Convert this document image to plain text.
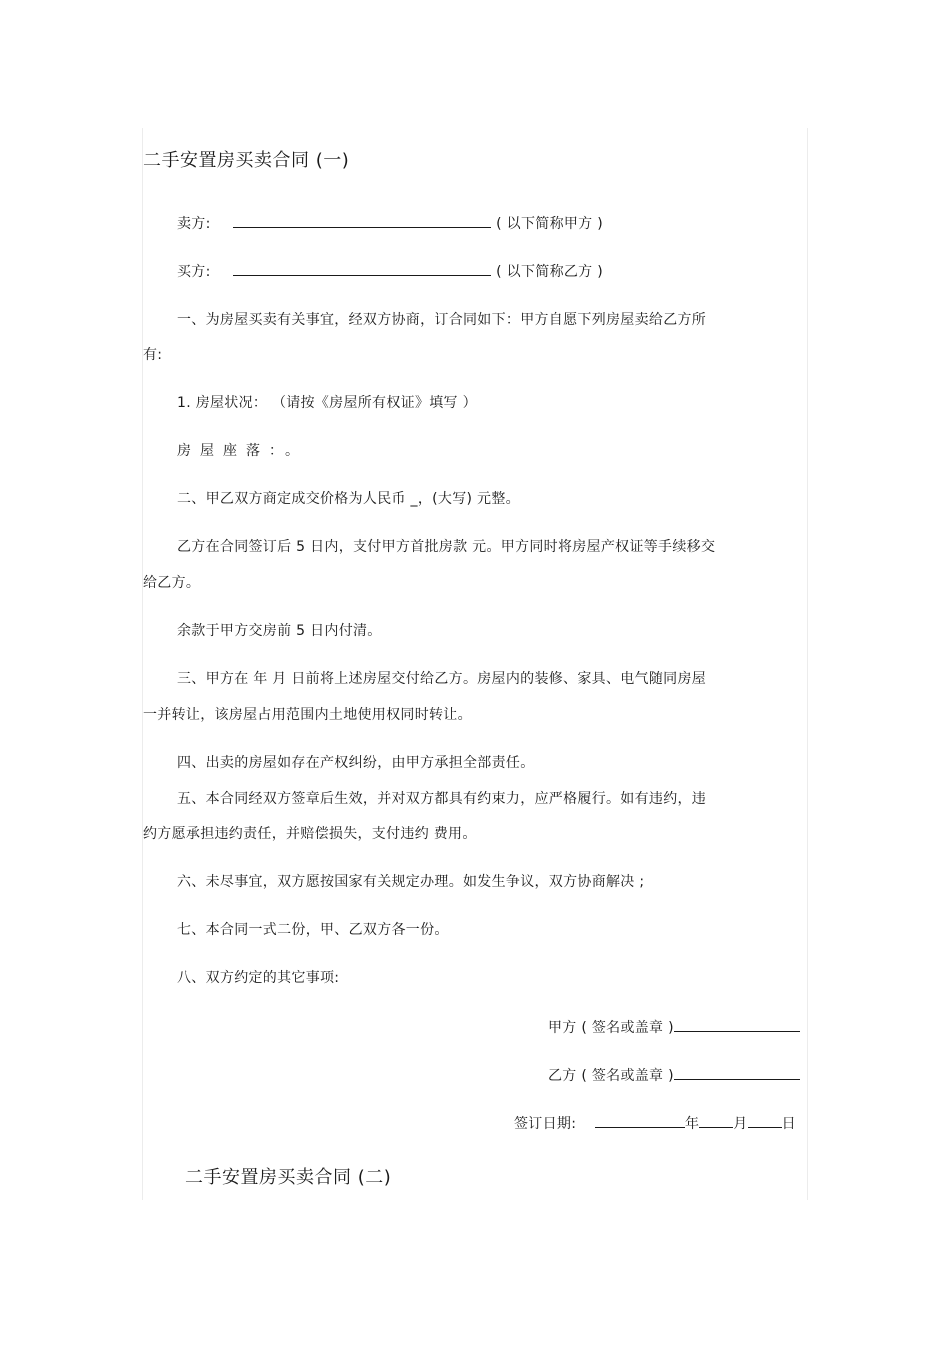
二手安置房买卖合同 (一)
卖方:	( 以下简称甲方 )
买方:	( 以下简称乙方 )
一、为房屋买卖有关事宜，经双方协商，订合同如下：甲方自愿下列房屋卖给乙方所
有:
1. 房屋状况： （请按《房屋所有权证》填写 ）
房屋座落：。
二、甲乙双方商定成交价格为人民币 _，(大写) 元整。
乙方在合同签订后 5 日内，支付甲方首批房款 元。甲方同时将房屋产权证等手续移交
给乙方。
余款于甲方交房前 5 日内付清。
三、甲方在 年 月 日前将上述房屋交付给乙方。房屋内的装修、家具、电气随同房屋
一并转让，该房屋占用范围内土地使用权同时转让。
四、出卖的房屋如存在产权纠纷，由甲方承担全部责任。
五、本合同经双方签章后生效，并对双方都具有约束力，应严格履行。如有违约，违
约方愿承担违约责任，并赔偿损失，支付违约 费用。
六、未尽事宜，双方愿按国家有关规定办理。如发生争议，双方协商解决 ;
七、本合同一式二份，甲、乙双方各一份。
八、双方约定的其它事项:
甲方 ( 签名或盖章 )
乙方 ( 签名或盖章 )
签订日期:	年 月 日
二手安置房买卖合同 (二)
